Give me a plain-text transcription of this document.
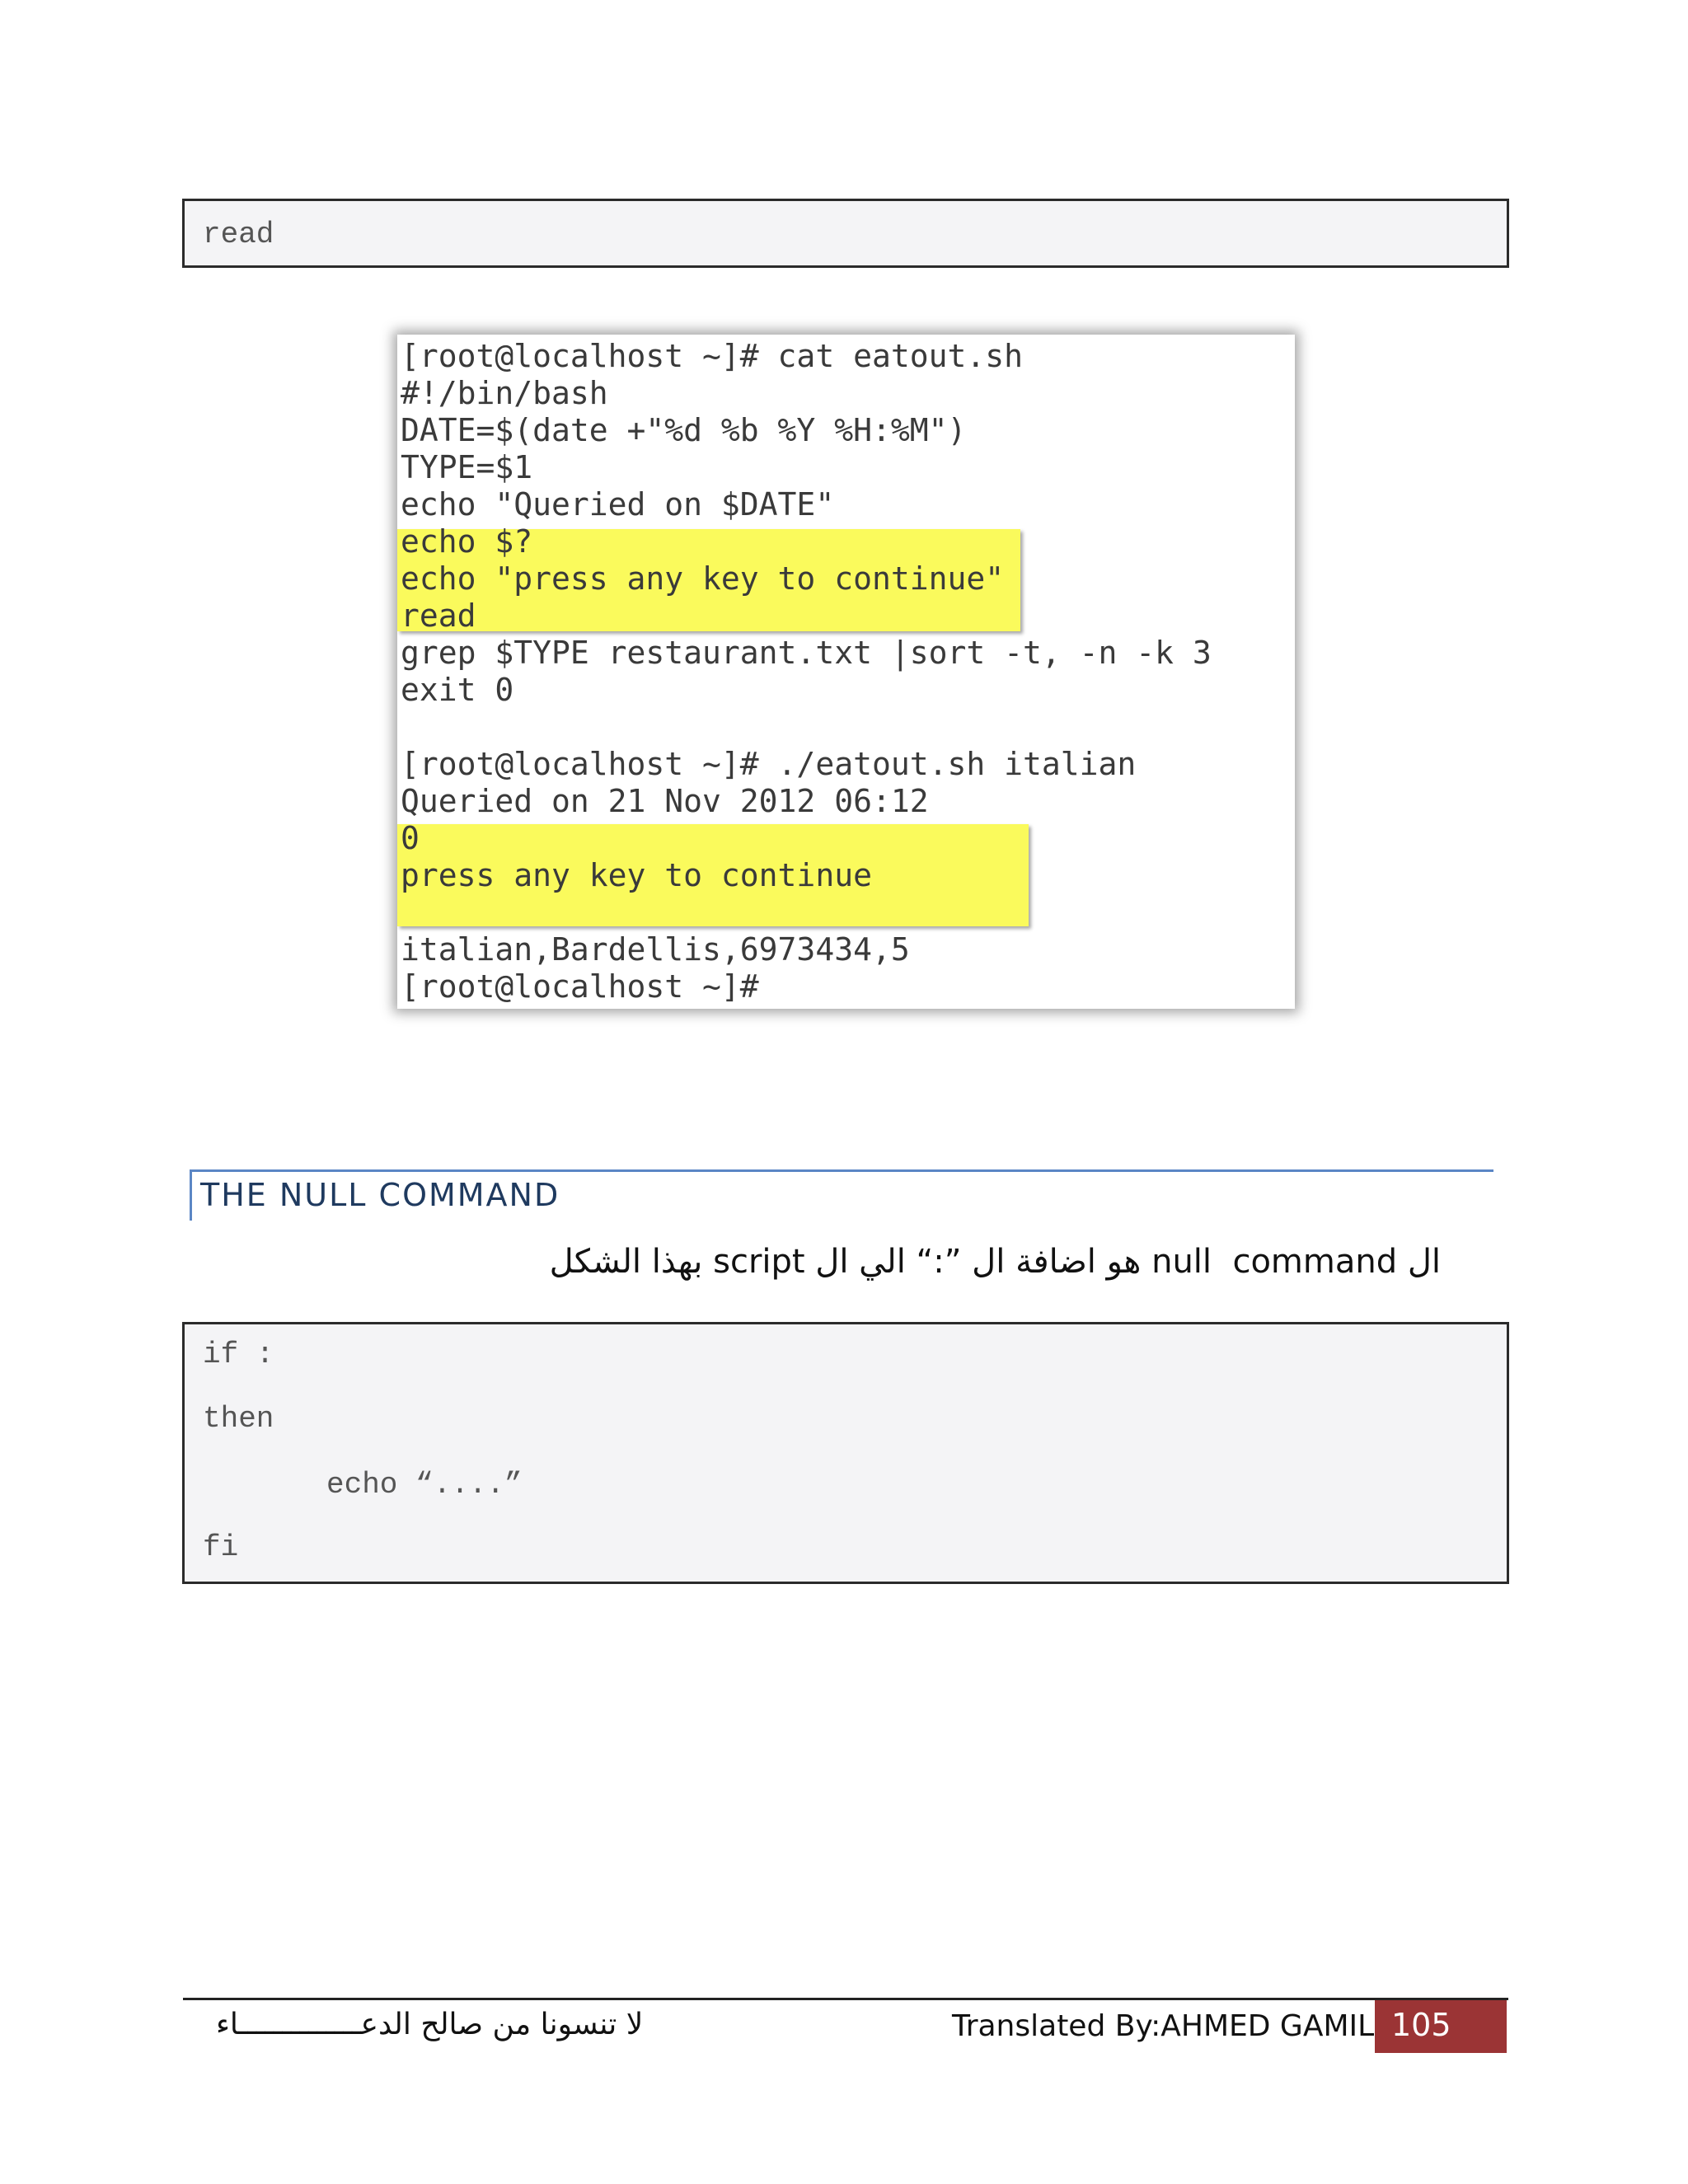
read
[root@localhost ~]# cat eatout.sh
#!/bin/bash
DATE=$(date +"%d %b %Y %H:%M")
TYPE=$1
echo "Queried on $DATE"
echo $?
echo "press any key to continue"
read
grep $TYPE restaurant.txt |sort -t, -n -k 3
exit 0
[root@localhost ~]# ./eatout.sh italian
Queried on 21 Nov 2012 06:12
0
press any key to continue
italian,Bardellis,6973434,5
[root@localhost ~]#
THE NULL COMMAND
ال null  command هو اضافة ال ”:“ الي ال script بهذا الشكل
if :
then
echo “....”
fi
لا تنسونا من صالح الدعــــــــــــــاء	Translated By:AHMED GAMIL 105
